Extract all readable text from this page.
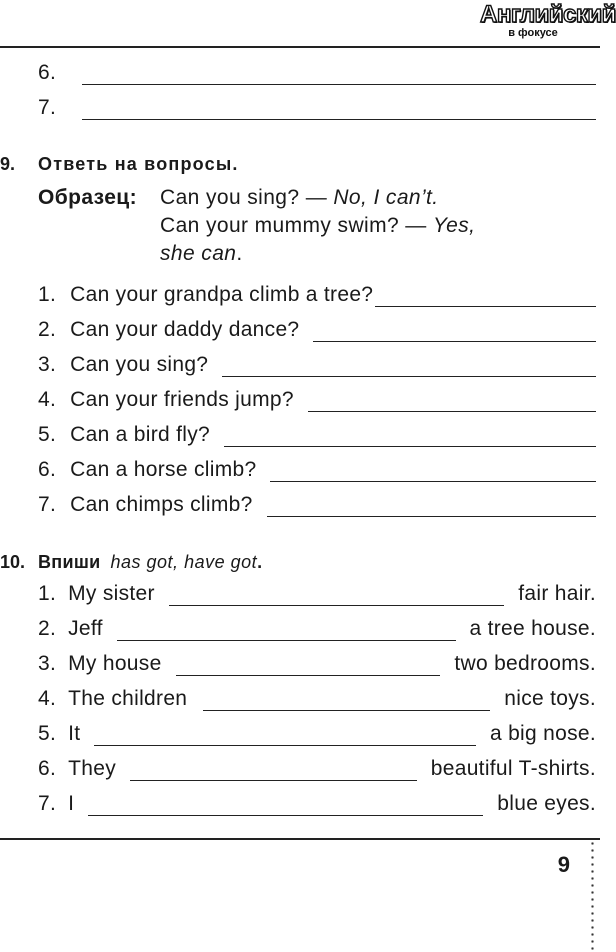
Английский
в фокусе
6.
7.
9.	Ответь на вопросы.
Образец: Can you sing? — No, I can’t.
Can your mummy swim? — Yes,
she can.
1. Can your grandpa climb a tree?
2. Can your daddy dance?
3. Can you sing?
4. Can your friends jump?
5. Can a bird fly?
6. Can a horse climb?
7. Can chimps climb?
10. Впиши has got, have got .
1. My sister	fair hair.
2. Jeff	a tree house.
3. My house	two bedrooms.
4. The children	nice toys.
5. It	a big nose.
6. They	beautiful T-shirts.
7. I	blue eyes.
9
